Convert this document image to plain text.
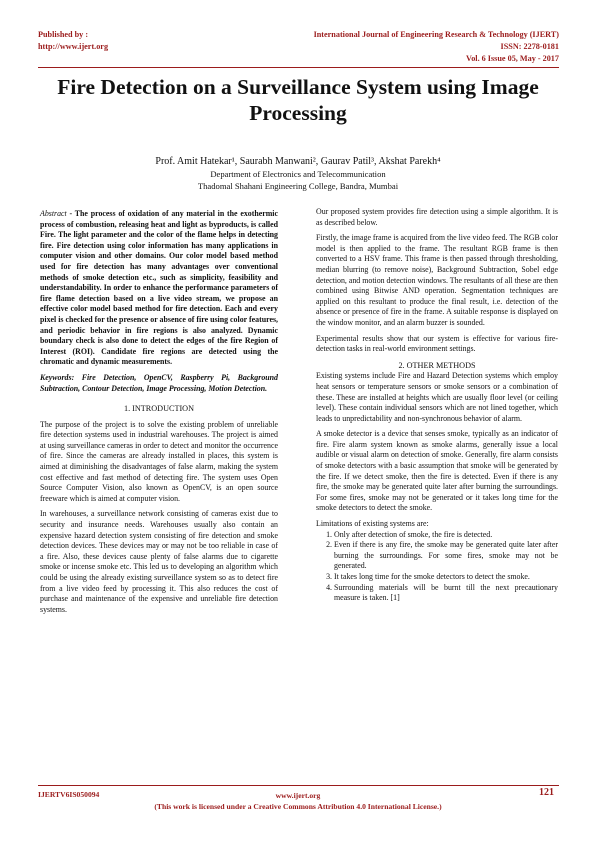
Published by :
http://www.ijert.org
International Journal of Engineering Research & Technology (IJERT)
ISSN: 2278-0181
Vol. 6 Issue 05, May - 2017
Fire Detection on a Surveillance System using Image Processing
Prof. Amit Hatekar¹, Saurabh Manwani², Gaurav Patil³, Akshat Parekh⁴
Department of Electronics and Telecommunication
Thadomal Shahani Engineering College, Bandra, Mumbai

Abstract - The process of oxidation of any material in the exothermic process of combustion, releasing heat and light as byproducts, is called Fire. The light parameter and the color of the flame helps in detecting fire. Fire detection using color information has many applications in computer vision and other domains. Our color model based method used for fire detection has many advantages over conventional methods of smoke detection etc., such as simplicity, feasibility and understandability. In order to enhance the performance parameters of fire flame detection based on a live video stream, we propose an effective color model based method for fire detection. Each and every pixel is checked for the presence or absence of fire using color features, and periodic behavior in fire regions is also analyzed. Dynamic boundary check is also done to detect the edges of the fire Region of Interest (ROI). Candidate fire regions are detected using the chromatic and dynamic measurements.

Keywords: Fire Detection, OpenCV, Raspberry Pi, Background Subtraction, Contour Detection, Image Processing, Motion Detection.

1. INTRODUCTION

The purpose of the project is to solve the existing problem of unreliable fire detection systems used in industrial warehouses. The project is aimed at using surveillance cameras in order to detect and monitor the occurrence of fire. Since the cameras are already installed in places, this system is aimed at diminishing the disadvantages of false alarm, making the system cost effective and fast method of detecting fire. The system uses Open Source Computer Vision, also known as OpenCV, is an open source freeware which is aimed at computer vision.

In warehouses, a surveillance network consisting of cameras exist due to security and insurance needs. Warehouses usually also contain an expensive hazard detection system consisting of fire detection and smoke detection devices. These devices may or may not be too reliable in case of a fire. Also, these devices cause plenty of false alarms due to cigarette smoke or incense smoke etc. This led us to developing an algorithm which could be using the already existing surveillance system so as to detect fire from a live video feed by processing it. This also reduces the cost of purchase and maintenance of the expensive and unreliable fire detection systems.

Our proposed system provides fire detection using a simple algorithm. It is as described below.

Firstly, the image frame is acquired from the live video feed. The RGB color model is then applied to the frame. The resultant RGB frame is then converted to a HSV frame. This frame is then passed through thresholding, median blurring (to remove noise), Background Subtraction, Sobel edge detection, and motion detection windows. The resultants of all these are then combined using Bitwise AND operation. Segmentation techniques are applied on this resultant to produce the final result, i.e. detection of the absence or presence of fire in the frame. A suitable response is displayed on the window monitor, and an alarm buzzer is sounded.

Experimental results show that our system is effective for various fire-detection tasks in real-world environment settings.

2. OTHER METHODS

Existing systems include Fire and Hazard Detection systems which employ heat sensors or temperature sensors or smoke sensors or a combination of these. These are installed at heights which are usually floor level (or ceiling level). These contain individual sensors which are not lined together, which leads to unpredictability and non-synchronous behavior of alarm.

A smoke detector is a device that senses smoke, typically as an indicator of fire. Fire alarm system known as smoke alarms, generally issue a local audible or visual alarm on detection of smoke. Generally, fire alarm consists of smoke detectors with a basic assumption that smoke will be generated by the fire. If we detect smoke, then the fire is detected. Even if there is any fire, the smoke may be generated quite later after burning the surroundings. For some fires, smoke may not be generated or it takes long time for the smoke detectors to detect the smoke.

Limitations of existing systems are:
1. Only after detection of smoke, the fire is detected.
2. Even if there is any fire, the smoke may be generated quite later after burning the surroundings. For some fires, smoke may not be generated.
3. It takes long time for the smoke detectors to detect the smoke.
4. Surrounding materials will be burnt till the next precautionary measure is taken. [1]
IJERTV6IS050094	www.ijert.org
(This work is licensed under a Creative Commons Attribution 4.0 International License.)
121
